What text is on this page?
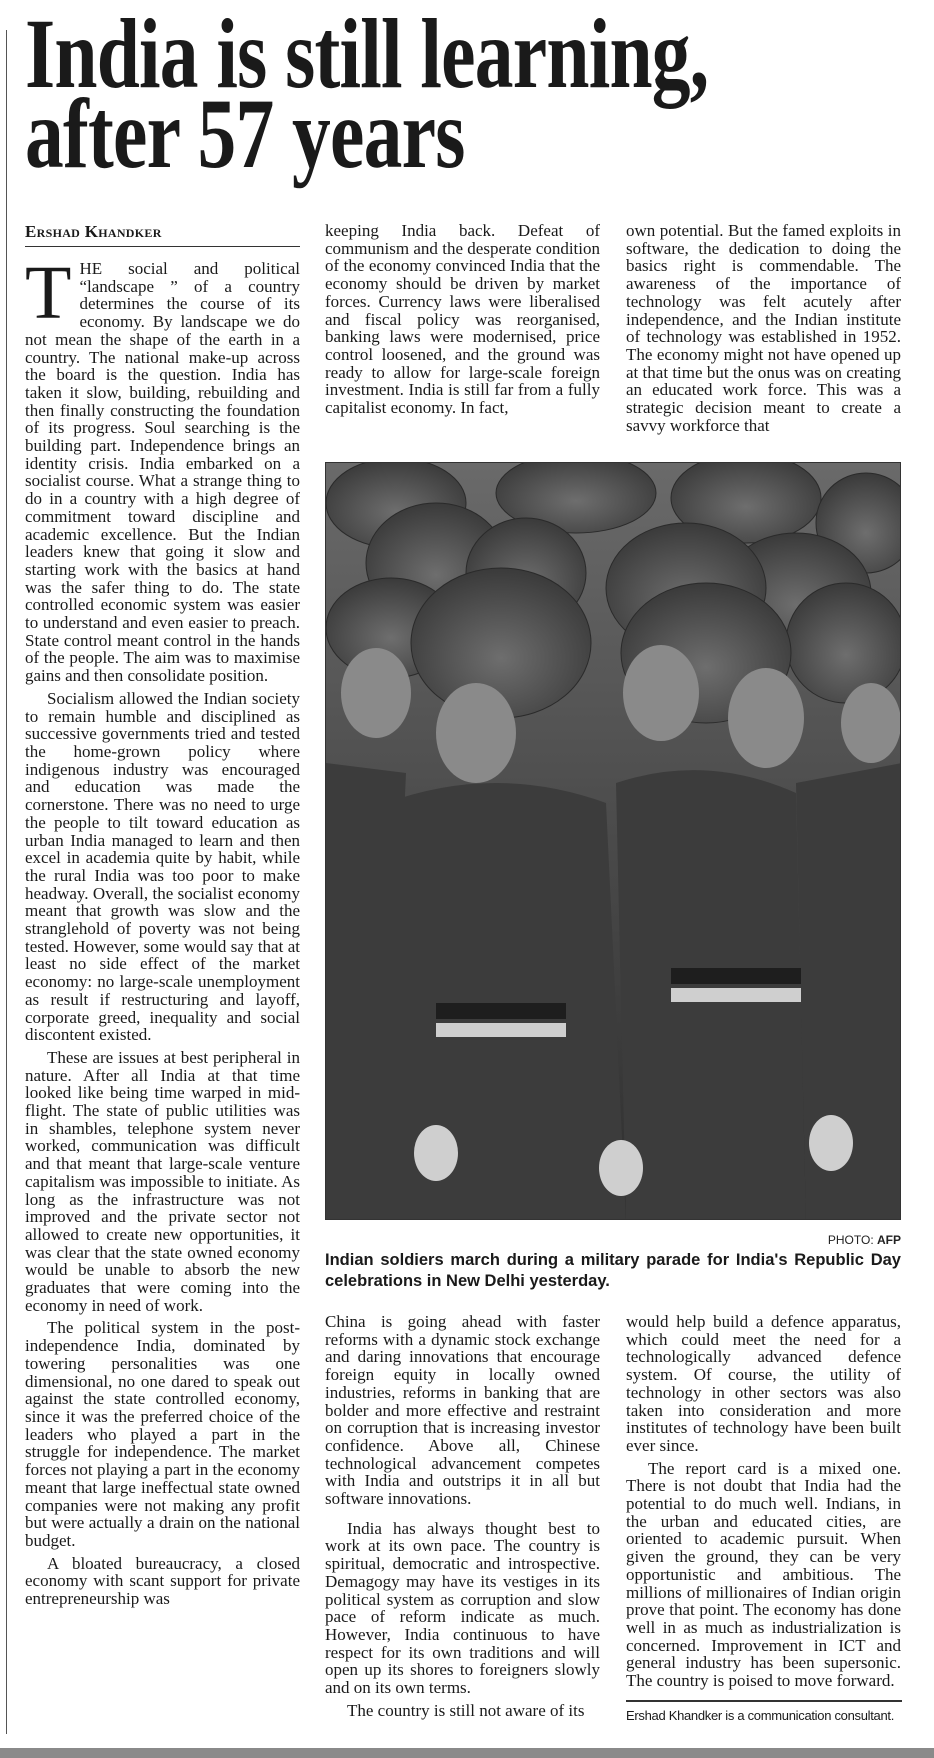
India is still learning,
after 57 years
Ershad Khandker

THE social and political “landscape ” of a country determines the course of its economy. By landscape we do not mean the shape of the earth in a country. The national make-up across the board is the question. India has taken it slow, building, rebuilding and then finally constructing the foundation of its progress. Soul searching is the building part. Independence brings an identity crisis. India embarked on a socialist course. What a strange thing to do in a country with a high degree of commitment toward discipline and academic excellence. But the Indian leaders knew that going it slow and starting work with the basics at hand was the safer thing to do. The state controlled economic system was easier to understand and even easier to preach. State control meant control in the hands of the people. The aim was to maximise gains and then consolidate position.

Socialism allowed the Indian society to remain humble and disciplined as successive governments tried and tested the home-grown policy where indigenous industry was encouraged and education was made the cornerstone. There was no need to urge the people to tilt toward education as urban India managed to learn and then excel in academia quite by habit, while the rural India was too poor to make headway. Overall, the socialist economy meant that growth was slow and the stranglehold of poverty was not being tested. However, some would say that at least no side effect of the market economy: no large-scale unemployment as result if restructuring and layoff, corporate greed, inequality and social discontent existed.

These are issues at best peripheral in nature. After all India at that time looked like being time warped in mid-flight. The state of public utilities was in shambles, telephone system never worked, communication was difficult and that meant that large-scale venture capitalism was impossible to initiate. As long as the infrastructure was not improved and the private sector not allowed to create new opportunities, it was clear that the state owned economy would be unable to absorb the new graduates that were coming into the economy in need of work.

The political system in the post-independence India, dominated by towering personalities was one dimensional, no one dared to speak out against the state controlled economy, since it was the preferred choice of the leaders who played a part in the struggle for independence. The market forces not playing a part in the economy meant that large ineffectual state owned companies were not making any profit but were actually a drain on the national budget.

A bloated bureaucracy, a closed economy with scant support for private entrepreneurship was

keeping India back. Defeat of communism and the desperate condition of the economy convinced India that the economy should be driven by market forces. Currency laws were liberalised and fiscal policy was reorganised, banking laws were modernised, price control loosened, and the ground was ready to allow for large-scale foreign investment. India is still far from a fully capitalist economy. In fact,

own potential. But the famed exploits in software, the dedication to doing the basics right is commendable. The awareness of the importance of technology was felt acutely after independence, and the Indian institute of technology was established in 1952. The economy might not have opened up at that time but the onus was on creating an educated work force. This was a strategic decision meant to create a savvy workforce that

PHOTO: AFP
Indian soldiers march during a military parade for India's Republic Day celebrations in New Delhi yesterday.

China is going ahead with faster reforms with a dynamic stock exchange and daring innovations that encourage foreign equity in locally owned industries, reforms in banking that are bolder and more effective and restraint on corruption that is increasing investor confidence. Above all, Chinese technological advancement competes with India and outstrips it in all but software innovations.

India has always thought best to work at its own pace. The country is spiritual, democratic and introspective. Demagogy may have its vestiges in its political system as corruption and slow pace of reform indicate as much. However, India continuous to have respect for its own traditions and will open up its shores to foreigners slowly and on its own terms.

The country is still not aware of its

would help build a defence apparatus, which could meet the need for a technologically advanced defence system. Of course, the utility of technology in other sectors was also taken into consideration and more institutes of technology have been built ever since.

The report card is a mixed one. There is not doubt that India had the potential to do much well. Indians, in the urban and educated cities, are oriented to academic pursuit. When given the ground, they can be very opportunistic and ambitious. The millions of millionaires of Indian origin prove that point. The economy has done well in as much as industrialization is concerned. Improvement in ICT and general industry has been supersonic. The country is poised to move forward.

Ershad Khandker is a communication consultant.
